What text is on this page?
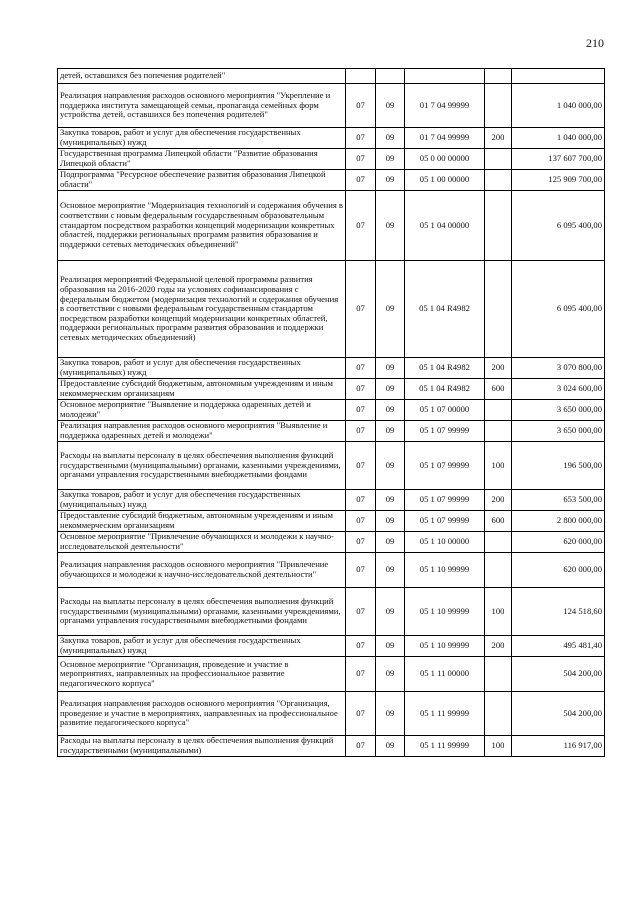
210
детей, оставшихся без попечения родителей"					
Реализация направления расходов основного мероприятия "Укрепление и поддержка института замещающей семьи, пропаганда семейных форм устройства детей, оставшихся без попечения родителей"	07	09	01 7 04 99999		1 040 000,00
Закупка товаров, работ и услуг для обеспечения государственных (муниципальных) нужд	07	09	01 7 04 99999	200	1 040 000,00
Государственная программа Липецкой области "Развитие образования Липецкой области"	07	09	05 0 00 00000		137 607 700,00
Подпрограмма "Ресурсное обеспечение развития образования Липецкой области"	07	09	05 1 00 00000		125 909 700,00
Основное мероприятие "Модернизация технологий и содержания обучения в соответствии с новым федеральным государственным образовательным стандартом посредством разработки концепций модернизации конкретных областей, поддержки региональных программ развития образования и поддержки сетевых методических объединений"	07	09	05 1 04 00000		6 095 400,00
Реализация мероприятий Федеральной целевой программы развития образования на 2016-2020 годы на условиях софинансирования с федеральным бюджетом (модернизация технологий и содержания обучения в соответствии с новыми федеральным государственным стандартом посредством разработки концепций модернизации конкретных областей, поддержки региональных программ развития образования и поддержки сетевых методических объединений)	07	09	05 1 04 R4982		6 095 400,00
Закупка товаров, работ и услуг для обеспечения государственных (муниципальных) нужд	07	09	05 1 04 R4982	200	3 070 800,00
Предоставление субсидий бюджетным, автономным учреждениям и иным некоммерческим организациям	07	09	05 1 04 R4982	600	3 024 600,00
Основное мероприятие "Выявление и поддержка одаренных детей и молодежи"	07	09	05 1 07 00000		3 650 000,00
Реализация направления расходов основного мероприятия "Выявление и поддержка одаренных детей и молодежи"	07	09	05 1 07 99999		3 650 000,00
Расходы на выплаты персоналу в целях обеспечения выполнения функций государственными (муниципальными) органами, казенными учреждениями, органами управления государственными внебюджетными фондами	07	09	05 1 07 99999	100	196 500,00
Закупка товаров, работ и услуг для обеспечения государственных (муниципальных) нужд	07	09	05 1 07 99999	200	653 500,00
Предоставление субсидий бюджетным, автономным учреждениям и иным некоммерческим организациям	07	09	05 1 07 99999	600	2 800 000,00
Основное мероприятие "Привлечение обучающихся и молодежи к научно-исследовательской деятельности"	07	09	05 1 10 00000		620 000,00
Реализация направления расходов основного мероприятия "Привлечение обучающихся и молодежи к научно-исследовательской деятельности"	07	09	05 1 10 99999		620 000,00
Расходы на выплаты персоналу в целях обеспечения выполнения функций государственными (муниципальными) органами, казенными учреждениями, органами управления государственными внебюджетными фондами	07	09	05 1 10 99999	100	124 518,60
Закупка товаров, работ и услуг для обеспечения государственных (муниципальных) нужд	07	09	05 1 10 99999	200	495 481,40
Основное мероприятие "Организация, проведение и участие в мероприятиях, направленных на профессиональное развитие педагогического корпуса"	07	09	05 1 11 00000		504 200,00
Реализация направления расходов основного мероприятия "Организация, проведение и участие в мероприятиях, направленных на профессиональное развитие педагогического корпуса"	07	09	05 1 11 99999		504 200,00
Расходы на выплаты персоналу в целях обеспечения выполнения функций государственными (муниципальными)	07	09	05 1 11 99999	100	116 917,00
